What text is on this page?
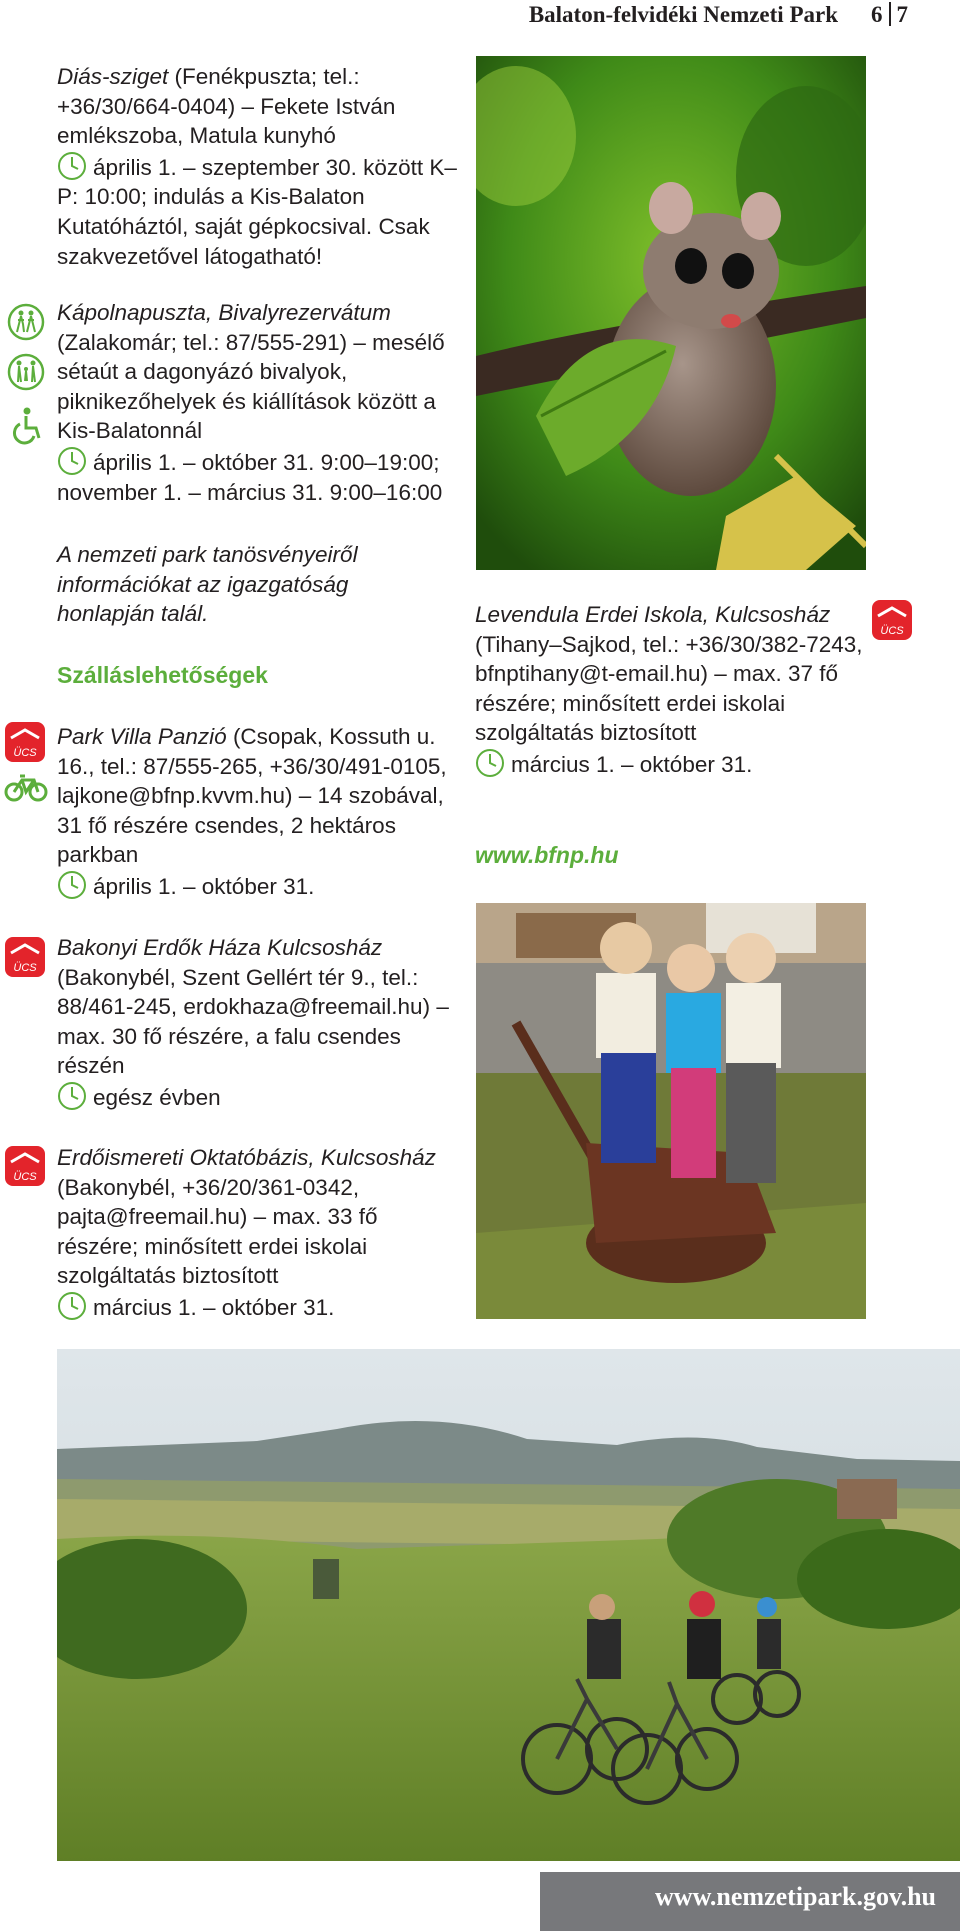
Balaton-felvidéki Nemzeti Park 6 7
Diás-sziget (Fenékpuszta; tel.: +36/30/664-0404) – Fekete István emlékszoba, Matula kunyhó
április 1. – szeptember 30. között K–P: 10:00; indulás a Kis-Balaton Kutatóháztól, saját gépkocsival. Csak szakvezetővel látogatható!
Kápolnapuszta, Bivalyrezervátum (Zalakomár; tel.: 87/555-291) – mesélő sétaút a dagonyázó bivalyok, piknikezőhelyek és kiállítások között a Kis-Balatonnál
április 1. – október 31. 9:00–19:00; november 1. – március 31. 9:00–16:00
A nemzeti park tanösvényeiről információkat az igazgatóság honlapján talál.
Szálláslehetőségek
ÜCS
Park Villa Panzió (Csopak, Kossuth u. 16., tel.: 87/555-265, +36/30/491-0105, lajkone@bfnp.kvvm.hu) – 14 szobával, 31 fő részére csendes, 2 hektáros parkban
április 1. – október 31.
ÜCS
Bakonyi Erdők Háza Kulcsosház (Bakonybél, Szent Gellért tér 9., tel.: 88/461-245, erdokhaza@freemail.hu) – max. 30 fő részére, a falu csendes részén
egész évben
ÜCS
Erdőismereti Oktatóbázis, Kulcsosház (Bakonybél, +36/20/361-0342, pajta@freemail.hu) – max. 33 fő részére; minősített erdei iskolai szolgáltatás biztosított
március 1. – október 31.
ÜCS
Levendula Erdei Iskola, Kulcsosház (Tihany–Sajkod, tel.: +36/30/382-7243, bfnptihany@t-email.hu) – max. 37 fő részére; minősített erdei iskolai szolgáltatás biztosított
március 1. – október 31.
www.bfnp.hu
www.nemzetipark.gov.hu
